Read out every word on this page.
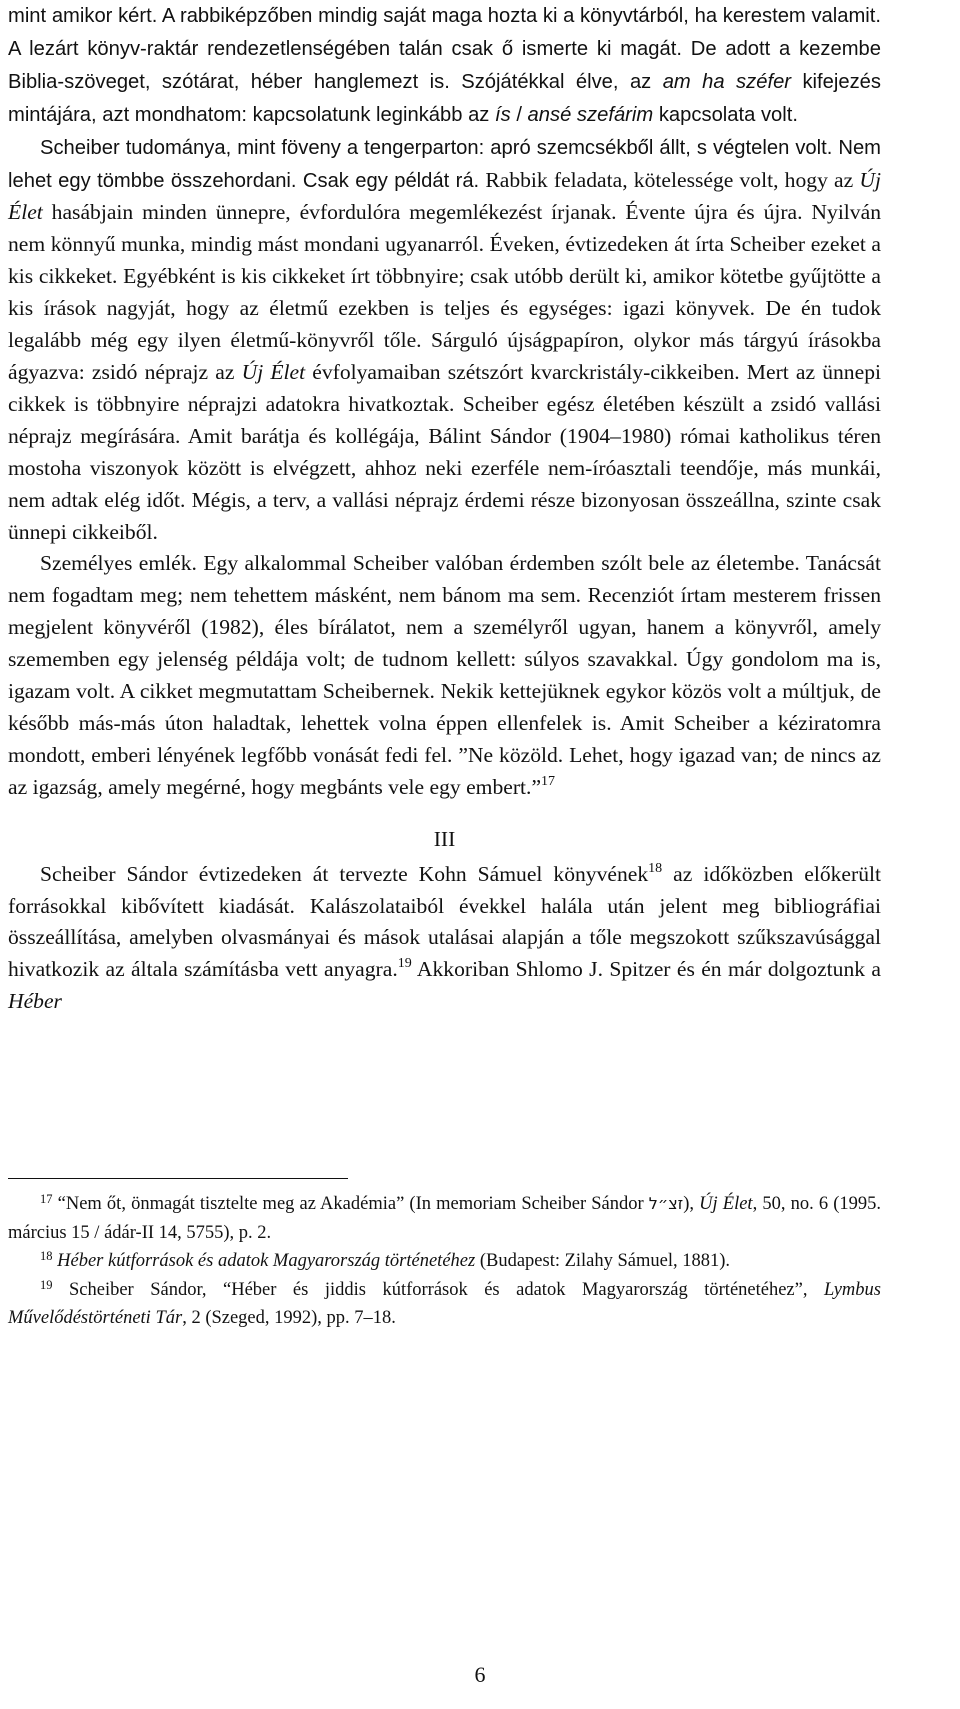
mint amikor kért. A rabbiképzőben mindig saját maga hozta ki a könyvtárból, ha kerestem valamit. A lezárt könyv-raktár rendezetlenségében talán csak ő ismerte ki magát. De adott a kezembe Biblia-szöveget, szótárat, héber hanglemezt is. Szójátékkal élve, az am ha széfer kifejezés mintájára, azt mondhatom: kapcsolatunk leginkább az ís / ansé szefárim kapcsolata volt.

Scheiber tudománya, mint föveny a tengerparton: apró szemcsékből állt, s végtelen volt. Nem lehet egy tömbbe összehordani. Csak egy példát rá. Rabbik feladata, kötelessége volt, hogy az Új Élet hasábjain minden ünnepre, évfordulóra megemlékezést írjanak. Évente újra és újra. Nyilván nem könnyű munka, mindig mást mondani ugyanarról. Éveken, évtizedeken át írta Scheiber ezeket a kis cikkeket. Egyébként is kis cikkeket írt többnyire; csak utóbb derült ki, amikor kötetbe gyűjtötte a kis írások nagyját, hogy az életmű ezekben is teljes és egységes: igazi könyvek. De én tudok legalább még egy ilyen életmű-könyvről tőle. Sárguló újságpapíron, olykor más tárgyú írásokba ágyazva: zsidó néprajz az Új Élet évfolyamaiban szétszórt kvarckristály-cikkeiben. Mert az ünnepi cikkek is többnyire néprajzi adatokra hivatkoztak. Scheiber egész életében készült a zsidó vallási néprajz megírására. Amit barátja és kollégája, Bálint Sándor (1904–1980) római katholikus téren mostoha viszonyok között is elvégzett, ahhoz neki ezerféle nem-íróasztali teendője, más munkái, nem adtak elég időt. Mégis, a terv, a vallási néprajz érdemi része bizonyosan összeállna, szinte csak ünnepi cikkeiből.

Személyes emlék. Egy alkalommal Scheiber valóban érdemben szólt bele az életembe. Tanácsát nem fogadtam meg; nem tehettem másként, nem bánom ma sem. Recenziót írtam mesterem frissen megjelent könyvéről (1982), éles bírálatot, nem a személyről ugyan, hanem a könyvről, amely szememben egy jelenség példája volt; de tudnom kellett: súlyos szavakkal. Úgy gondolom ma is, igazam volt. A cikket megmutattam Scheibernek. Nekik kettejüknek egykor közös volt a múltjuk, de később más-más úton haladtak, lehettek volna éppen ellenfelek is. Amit Scheiber a kéziratomra mondott, emberi lényének legfőbb vonását fedi fel. ”Ne közöld. Lehet, hogy igazad van; de nincs az az igazság, amely megérné, hogy megbánts vele egy embert.”$^{17}$

III

Scheiber Sándor évtizedeken át tervezte Kohn Sámuel könyvének$^{18}$ az időközben előkerült forrásokkal kibővített kiadását. Kalászolataiból évekkel halála után jelent meg bibliográfiai összeállítása, amelyben olvasmányai és mások utalásai alapján a tőle megszokott szűkszavúsággal hivatkozik az általa számításba vett anyagra.$^{19}$ Akkoriban Shlomo J. Spitzer és én már dolgoztunk a Héber

$^{17}$ “Nem őt, önmagát tisztelte meg az Akadémia” (In memoriam Scheiber Sándor זצ״ל), Új Élet, 50, no. 6 (1995. március 15 / ádár-II 14, 5755), p. 2.

$^{18}$ Héber kútforrások és adatok Magyarország történetéhez (Budapest: Zilahy Sámuel, 1881).

$^{19}$ Scheiber Sándor, “Héber és jiddis kútforrások és adatok Magyarország történetéhez”, Lymbus Művelődéstörténeti Tár, 2 (Szeged, 1992), pp. 7–18.

6
